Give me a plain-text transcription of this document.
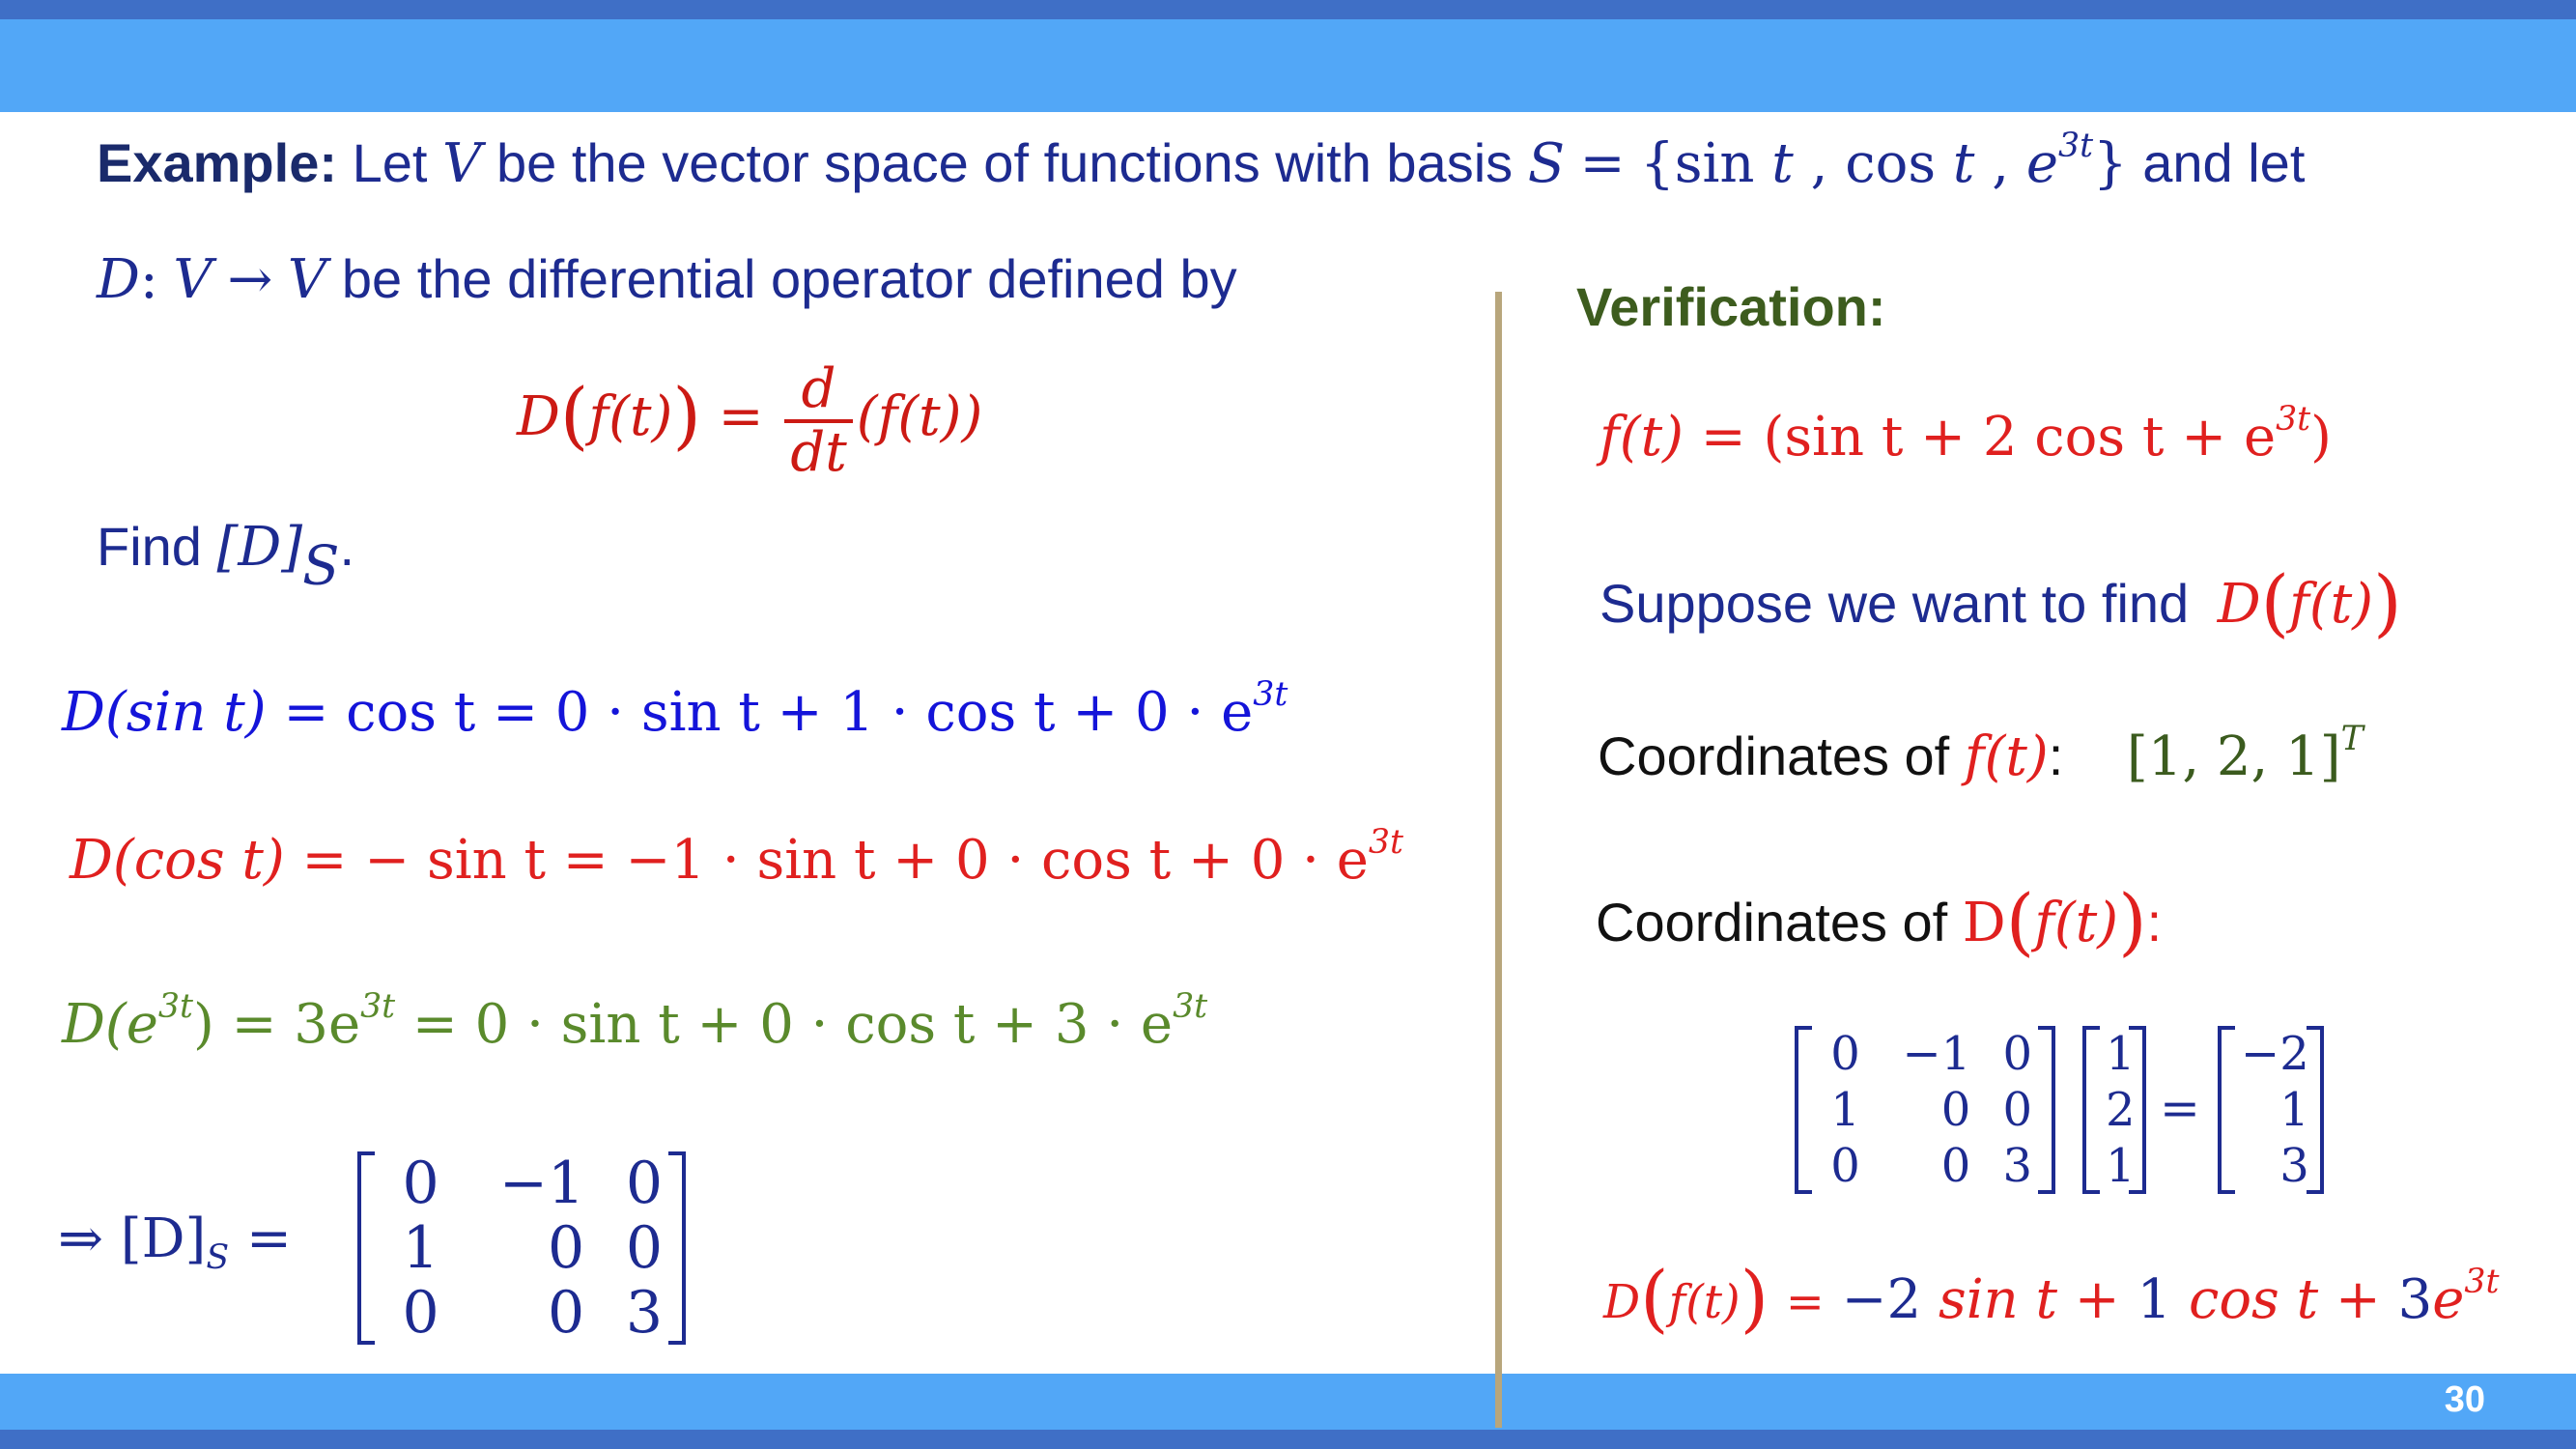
30
Example: Let V be the vector space of functions with basis S = {sin t , cos t , $e^{3t}$} and let
D: V → V be the differential operator defined by
$D(f(t)) = \frac{d}{dt} (f(t))$
Find $[D]_S$.
D(sin $t) = \cos t = 0 \cdot \sin t + 1 \cdot \cos t + 0 \cdot e^{3t}$
D(cos t) = − $\sin t = -1 \cdot \sin t + 0 \cdot \cos t + 0 \cdot e^{3t}$
$D(e^{3t}) = 3e^{3t} = 0 \cdot \sin t + 0 \cdot \cos t + 3 \cdot e^{3t}$
⇒ $[D]_S$ =
0	−1	0
1	0	0
0	0	3
Verification:
f(t) = (sin t + 2 $\cos t + e^{3t}$)
Suppose we want to find D(f(t))
Coordinates of f(t): [1, 2, 1]$^T$
Coordinates of D(f(t)):
0	−1	0
1	0	0
0	0	3
1
2
1
=
−2
1
3
D(f(t)) = −2 sin t + 1 $\cos t + 3e^{3t}$
